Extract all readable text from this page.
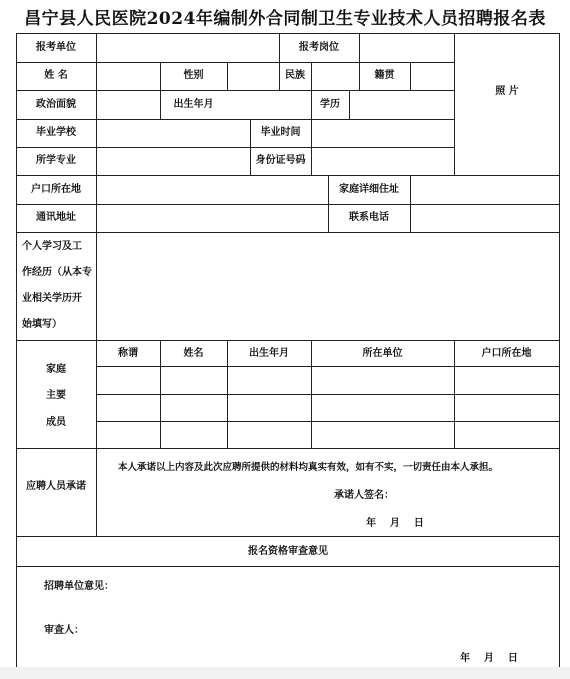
昌宁县人民医院2024年编制外合同制卫生专业技术人员招聘报名表
报考单位	报考岗位
照 片
姓 名	性别	民族	籍贯
政治面貌	出生年月	学历
毕业学校	毕业时间
所学专业	身份证号码
户口所在地	家庭详细住址
通讯地址	联系电话
个人学习及工
作经历（从本专
业相关学历开
始填写）
家庭
主要
成员
称谓	姓名	出生年月	所在单位	户口所在地
应聘人员承诺
本人承诺以上内容及此次应聘所提供的材料均真实有效，如有不实，一切责任由本人承担。
承诺人签名：
年    月    日
报名资格审查意见
招聘单位意见：
审查人：
年    月    日
